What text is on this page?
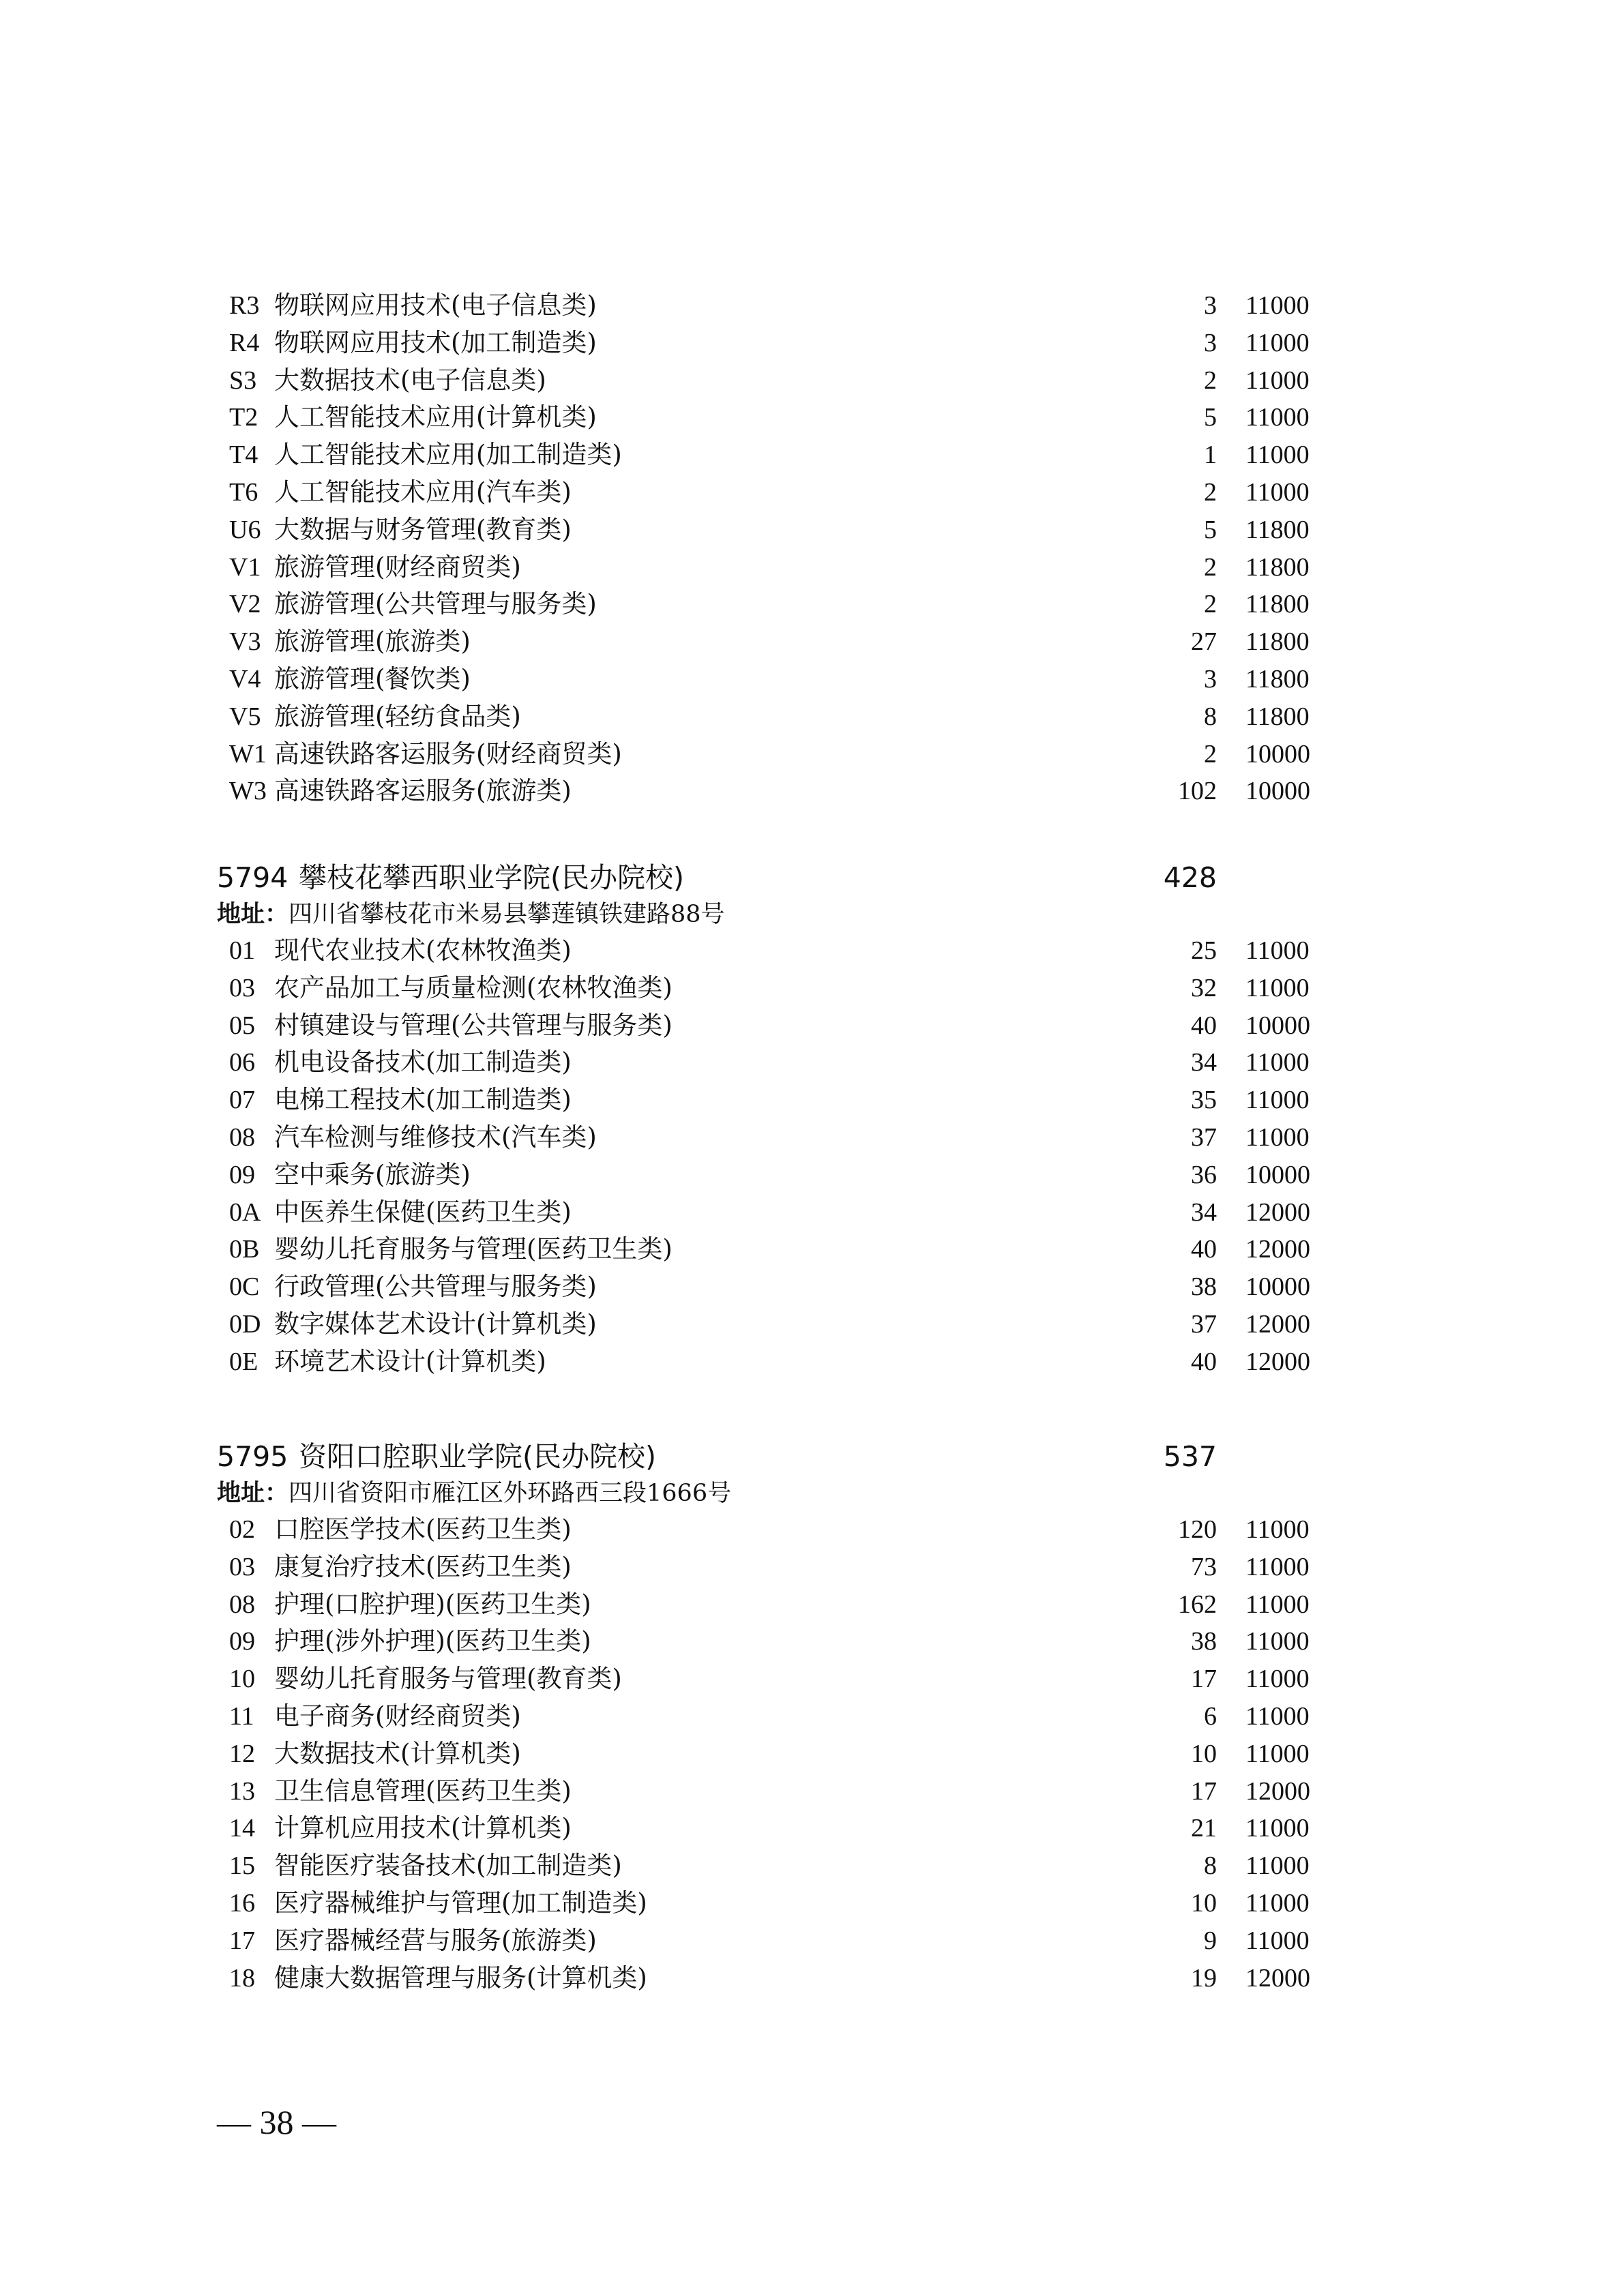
R3 物联网应用技术(电子信息类)	3 11000
R4 物联网应用技术(加工制造类)	3 11000
S3 大数据技术(电子信息类)	2 11000
T2 人工智能技术应用(计算机类)	5 11000
T4 人工智能技术应用(加工制造类)	1 11000
T6 人工智能技术应用(汽车类)	2 11000
U6 大数据与财务管理(教育类)	5 11800
V1 旅游管理(财经商贸类)	2 11800
V2 旅游管理(公共管理与服务类)	2 11800
V3 旅游管理(旅游类)	27 11800
V4 旅游管理(餐饮类)	3 11800
V5 旅游管理(轻纺食品类)	8 11800
W1 高速铁路客运服务(财经商贸类)	2 10000
W3 高速铁路客运服务(旅游类)	102 10000
5794 攀枝花攀西职业学院(民办院校)	428
地址：四川省攀枝花市米易县攀莲镇铁建路88号
01 现代农业技术(农林牧渔类)	25 11000
03 农产品加工与质量检测(农林牧渔类)	32 11000
05 村镇建设与管理(公共管理与服务类)	40 10000
06 机电设备技术(加工制造类)	34 11000
07 电梯工程技术(加工制造类)	35 11000
08 汽车检测与维修技术(汽车类)	37 11000
09 空中乘务(旅游类)	36 10000
0A 中医养生保健(医药卫生类)	34 12000
0B 婴幼儿托育服务与管理(医药卫生类)	40 12000
0C 行政管理(公共管理与服务类)	38 10000
0D 数字媒体艺术设计(计算机类)	37 12000
0E 环境艺术设计(计算机类)	40 12000
5795 资阳口腔职业学院(民办院校)	537
地址：四川省资阳市雁江区外环路西三段1666号
02 口腔医学技术(医药卫生类)	120 11000
03 康复治疗技术(医药卫生类)	73 11000
08 护理(口腔护理)(医药卫生类)	162 11000
09 护理(涉外护理)(医药卫生类)	38 11000
10 婴幼儿托育服务与管理(教育类)	17 11000
11 电子商务(财经商贸类)	6 11000
12 大数据技术(计算机类)	10 11000
13 卫生信息管理(医药卫生类)	17 12000
14 计算机应用技术(计算机类)	21 11000
15 智能医疗装备技术(加工制造类)	8 11000
16 医疗器械维护与管理(加工制造类)	10 11000
17 医疗器械经营与服务(旅游类)	9 11000
18 健康大数据管理与服务(计算机类)	19 12000
— 38 —
